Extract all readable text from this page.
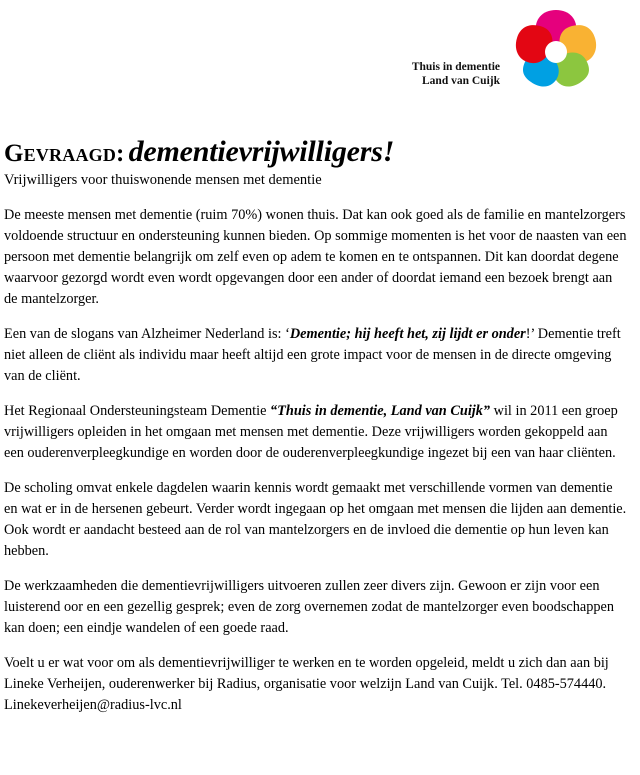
Thuis in dementie
Land van Cuijk
Gevraagd: dementievrijwilligers!
Vrijwilligers voor thuiswonende mensen met dementie

De meeste mensen met dementie (ruim 70%) wonen thuis. Dat kan ook goed als de familie en mantelzorgers voldoende structuur en ondersteuning kunnen bieden. Op sommige momenten is het voor de naasten van een persoon met dementie belangrijk om zelf even op adem te komen en te ontspannen. Dit kan doordat degene waarvoor gezorgd wordt even wordt opgevangen door een ander of doordat iemand een bezoek brengt aan de mantelzorger.

Een van de slogans van Alzheimer Nederland is: ‘Dementie; hij heeft het, zij lijdt er onder!’ Dementie treft niet alleen de cliënt als individu maar heeft altijd een grote impact voor de mensen in de directe omgeving van de cliënt.

Het Regionaal Ondersteuningsteam Dementie “Thuis in dementie, Land van Cuijk” wil in 2011 een groep vrijwilligers opleiden in het omgaan met mensen met dementie. Deze vrijwilligers worden gekoppeld aan een ouderenverpleegkundige en worden door de ouderenverpleegkundige ingezet bij een van haar cliënten.

De scholing omvat enkele dagdelen waarin kennis wordt gemaakt met verschillende vormen van dementie en wat er in de hersenen gebeurt. Verder wordt ingegaan op het omgaan met mensen die lijden aan dementie. Ook wordt er aandacht besteed aan de rol van mantelzorgers en de invloed die dementie op hun leven kan hebben.

De werkzaamheden die dementievrijwilligers uitvoeren zullen zeer divers zijn. Gewoon er zijn voor een luisterend oor en een gezellig gesprek; even de zorg overnemen zodat de mantelzorger even boodschappen kan doen; een eindje wandelen of een goede raad.

Voelt u er wat voor om als dementievrijwilliger te werken en te worden opgeleid, meldt u zich dan aan bij Lineke Verheijen, ouderenwerker bij Radius, organisatie voor welzijn Land van Cuijk. Tel. 0485-574440. Linekeverheijen@radius-lvc.nl
